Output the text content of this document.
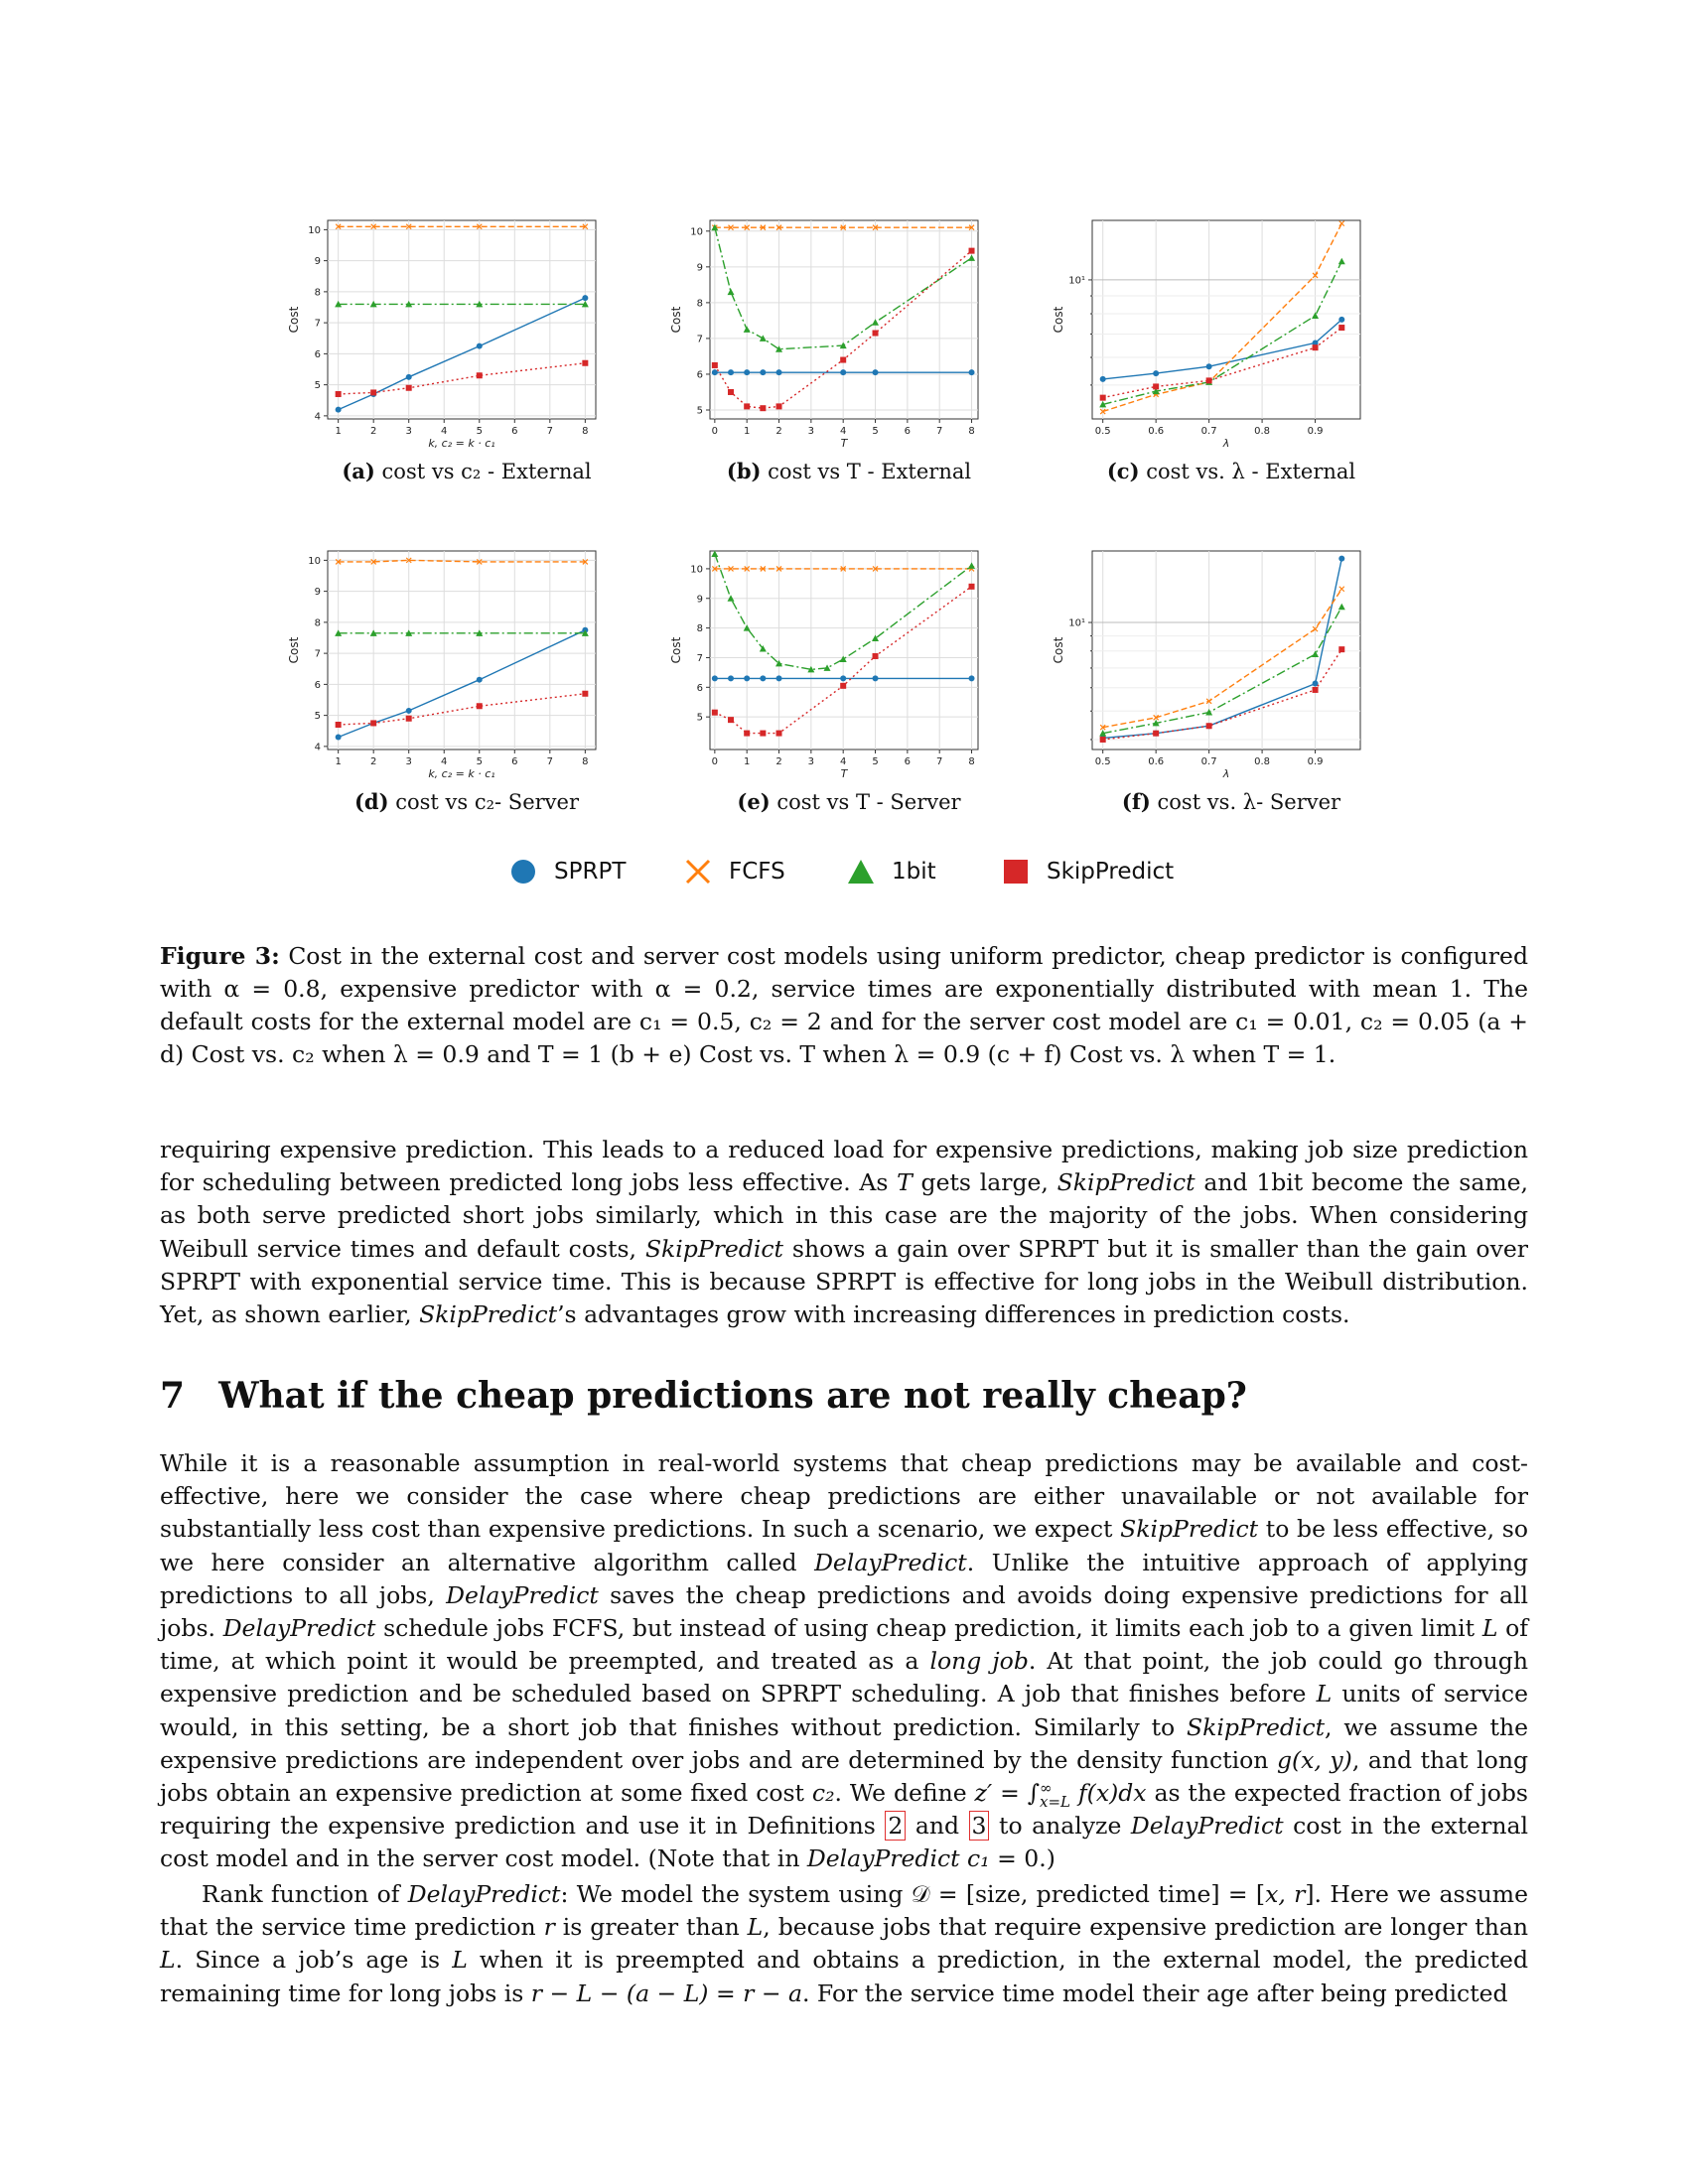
1	2	3	4	5	6	7	8
4
5
6
7
8
9
10
k, c₂ = k · c₁
Cost
0	1	2	3	4	5	6	7	8
5
6
7
8
9
10
T
Cost
0.5	0.6	0.7	0.8	0.9
10¹
λ
Cost
1	2	3	4	5	6	7	8
4
5
6
7
8
9
10
k, c₂ = k · c₁
Cost
0	1	2	3	4	5	6	7	8
5
6
7
8
9
10
T
Cost
0.5	0.6	0.7	0.8	0.9
10¹
λ
Cost
(a) cost vs c₂ - External	(b) cost vs T - External	(c) cost vs. λ - External
(d) cost vs c₂- Server	(e) cost vs T - Server	(f) cost vs. λ- Server
SPRPT	FCFS	1bit	SkipPredict
Figure 3: Cost in the external cost and server cost models using uniform predictor, cheap predictor is configured with α = 0.8, expensive predictor with α = 0.2, service times are exponentially distributed with mean 1. The default costs for the external model are c₁ = 0.5, c₂ = 2 and for the server cost model are c₁ = 0.01, c₂ = 0.05 (a + d) Cost vs. c₂ when λ = 0.9 and T = 1 (b + e) Cost vs. T when λ = 0.9 (c + f) Cost vs. λ when T = 1.

requiring expensive prediction. This leads to a reduced load for expensive predictions, making job size prediction for scheduling between predicted long jobs less effective. As T gets large, SkipPredict and 1bit become the same, as both serve predicted short jobs similarly, which in this case are the majority of the jobs. When considering Weibull service times and default costs, SkipPredict shows a gain over SPRPT but it is smaller than the gain over SPRPT with exponential service time. This is because SPRPT is effective for long jobs in the Weibull distribution. Yet, as shown earlier, SkipPredict’s advantages grow with increasing differences in prediction costs.

7 What if the cheap predictions are not really cheap?

While it is a reasonable assumption in real-world systems that cheap predictions may be available and cost-effective, here we consider the case where cheap predictions are either unavailable or not available for substantially less cost than expensive predictions. In such a scenario, we expect SkipPredict to be less effective, so we here consider an alternative algorithm called DelayPredict. Unlike the intuitive approach of applying predictions to all jobs, DelayPredict saves the cheap predictions and avoids doing expensive predictions for all jobs. DelayPredict schedule jobs FCFS, but instead of using cheap prediction, it limits each job to a given limit L of time, at which point it would be preempted, and treated as a long job. At that point, the job could go through expensive prediction and be scheduled based on SPRPT scheduling. A job that finishes before L units of service would, in this setting, be a short job that finishes without prediction. Similarly to SkipPredict, we assume the expensive predictions are independent over jobs and are determined by the density function g(x, y), and that long jobs obtain an expensive prediction at some fixed cost c₂. We define z′ = ∫ ∞
x=L f(x)dx as the expected fraction of jobs requiring the expensive prediction and use it in Definitions 2 and 3 to analyze DelayPredict cost in the external cost model and in the server cost model. (Note that in DelayPredict c₁ = 0.)

Rank function of DelayPredict: We model the system using 𝒟 = [size, predicted time] = [x, r]. Here we assume that the service time prediction r is greater than L, because jobs that require expensive prediction are longer than L. Since a job’s age is L when it is preempted and obtains a prediction, in the external model, the predicted remaining time for long jobs is r − L − (a − L) = r − a. For the service time model their age after being predicted
